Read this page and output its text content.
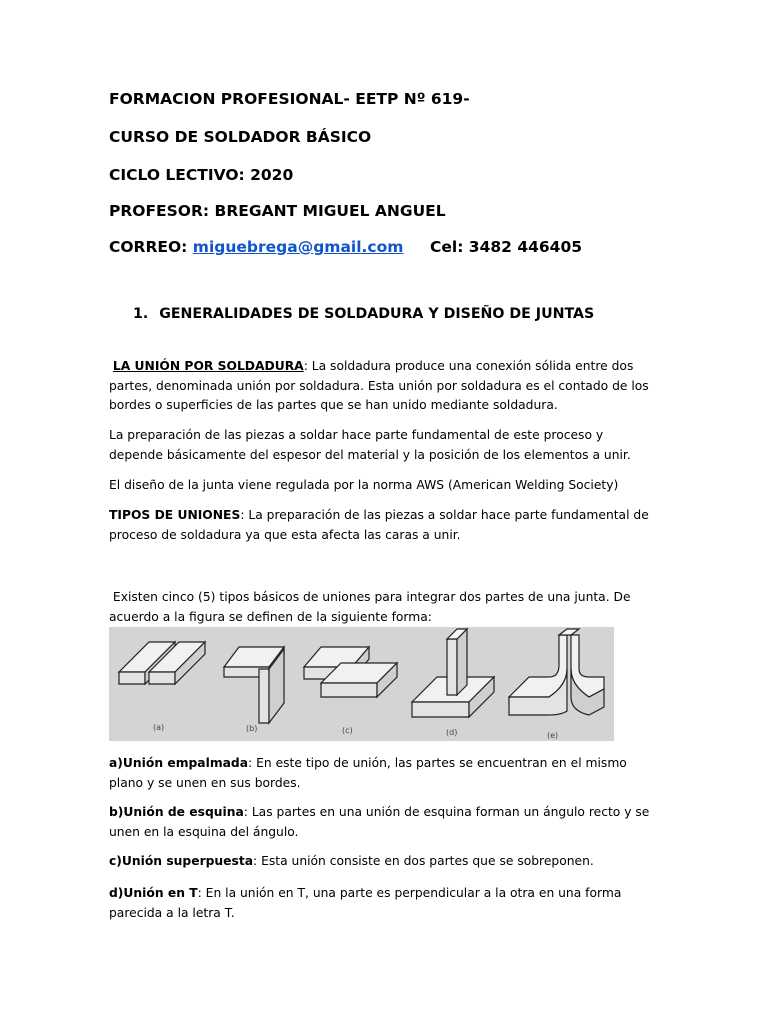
FORMACION PROFESIONAL- EETP Nº 619-
CURSO DE SOLDADOR BÁSICO
CICLO LECTIVO: 2020
PROFESOR: BREGANT MIGUEL ANGUEL
CORREO: miguebrega@gmail.com Cel: 3482 446405
1. GENERALIDADES DE SOLDADURA Y DISEÑO DE JUNTAS
LA UNIÓN POR SOLDADURA: La soldadura produce una conexión sólida entre dos partes, denominada unión por soldadura. Esta unión por soldadura es el contado de los bordes o superficies de las partes que se han unido mediante soldadura.
La preparación de las piezas a soldar hace parte fundamental de este proceso y depende básicamente del espesor del material y la posición de los elementos a unir.
El diseño de la junta viene regulada por la norma AWS (American Welding Society)
TIPOS DE UNIONES: La preparación de las piezas a soldar hace parte fundamental de proceso de soldadura ya que esta afecta las caras a unir.
Existen cinco (5) tipos básicos de uniones para integrar dos partes de una junta. De acuerdo a la figura se definen de la siguiente forma:
(a)	(b)	(c)	(d)	(e)
a)Unión empalmada: En este tipo de unión, las partes se encuentran en el mismo plano y se unen en sus bordes.
b)Unión de esquina: Las partes en una unión de esquina forman un ángulo recto y se unen en la esquina del ángulo.
c)Unión superpuesta: Esta unión consiste en dos partes que se sobreponen.
d)Unión en T: En la unión en T, una parte es perpendicular a la otra en una forma parecida a la letra T.
